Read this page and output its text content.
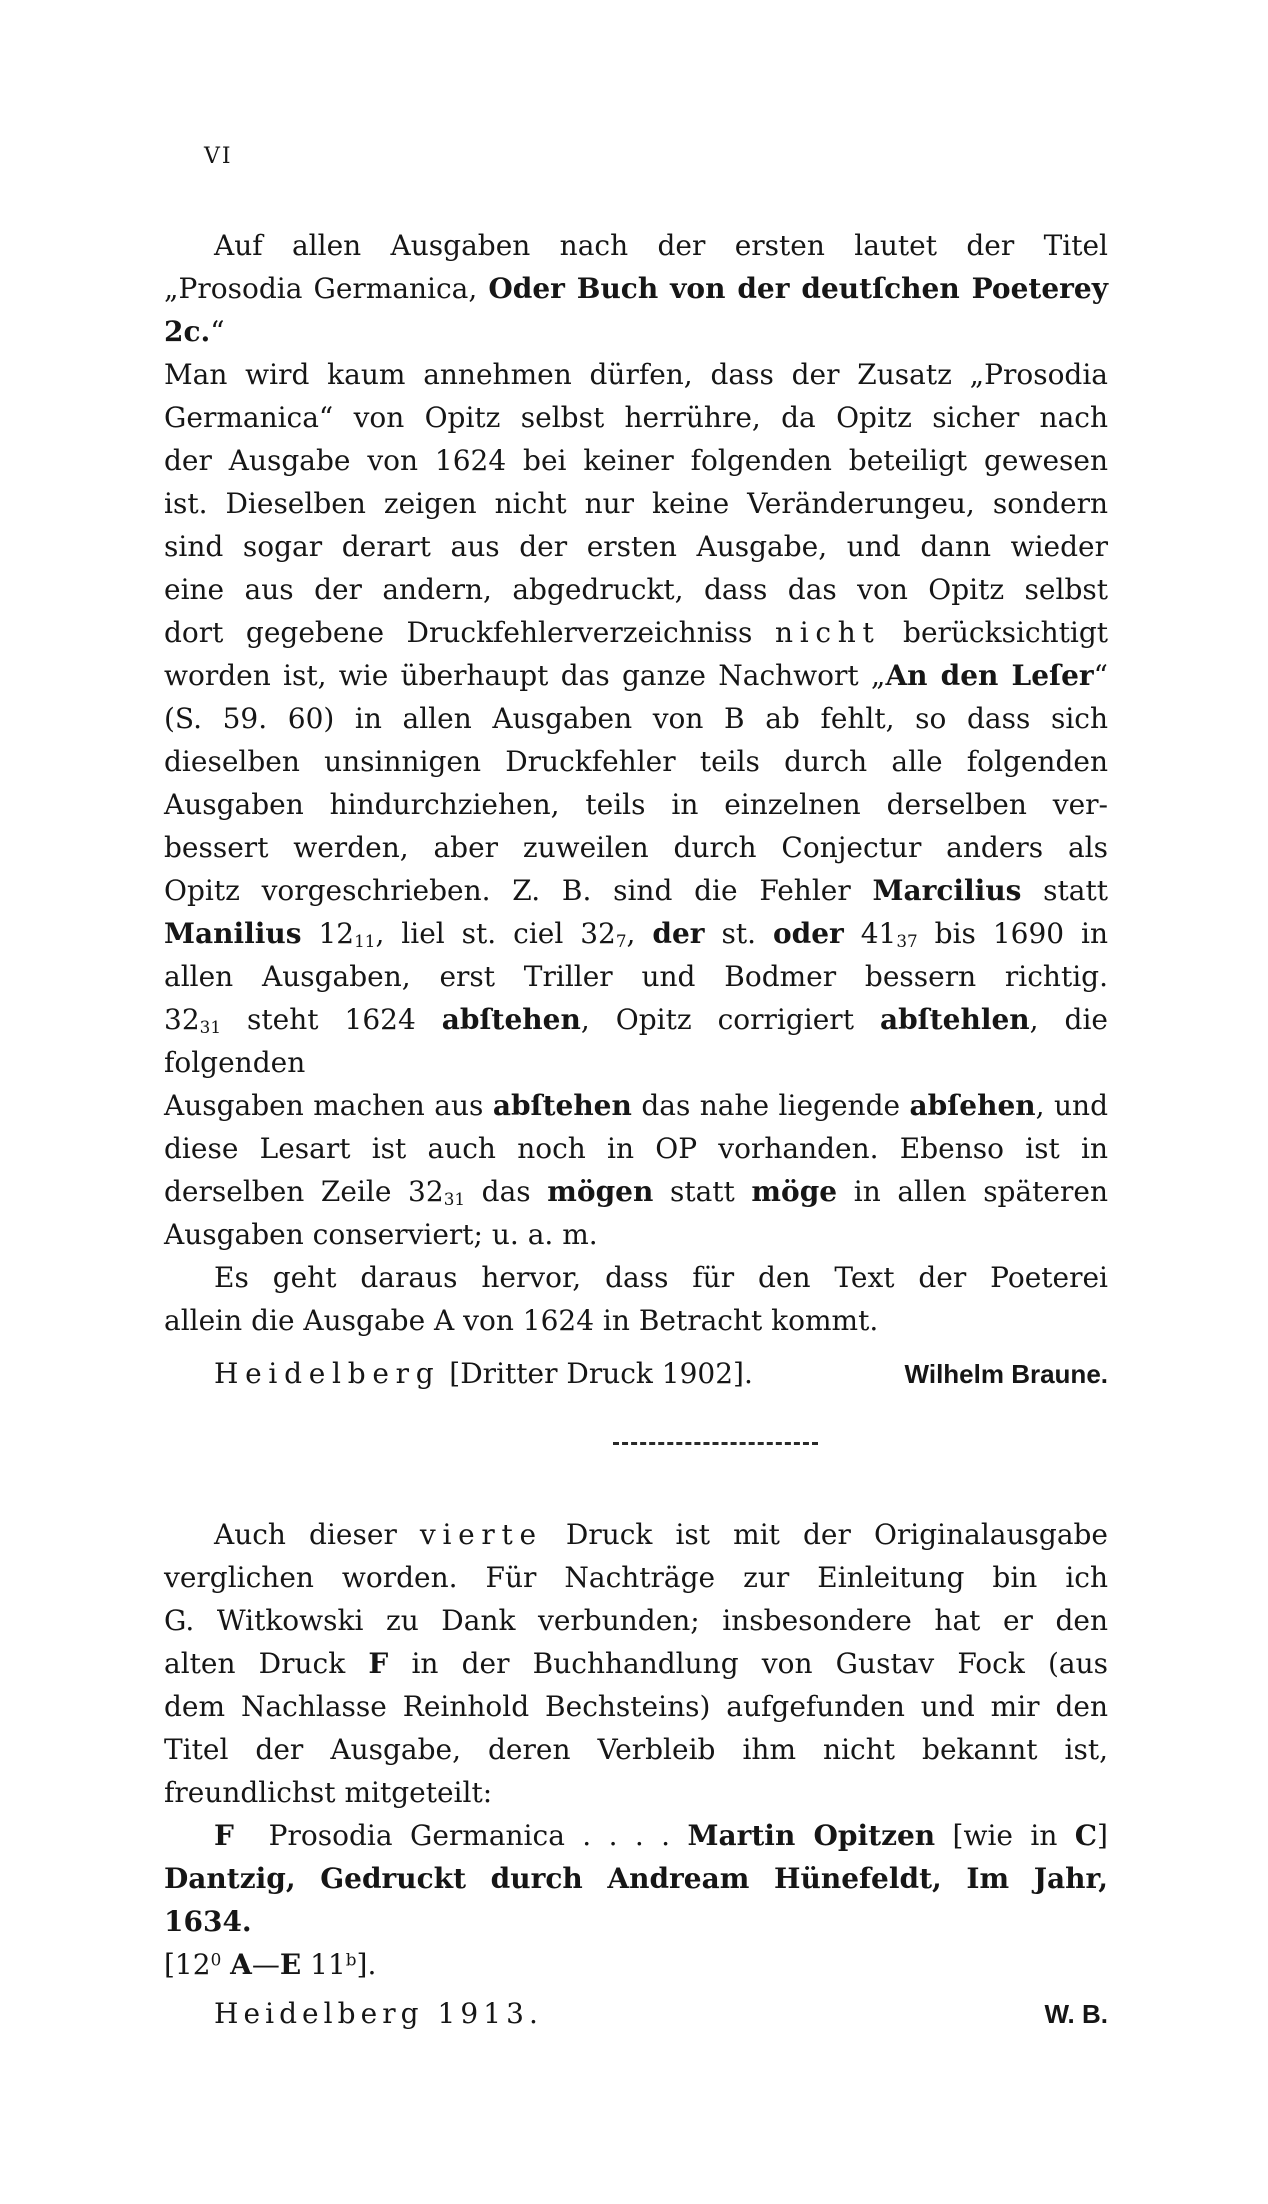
VI
Auf allen Ausgaben nach der ersten lautet der Titel
„Prosodia Germanica, Oder Buch von der deutſchen Poeterey 2c.“
Man wird kaum annehmen dürfen, dass der Zusatz „Prosodia
Germanica“ von Opitz selbst herrühre, da Opitz sicher nach
der Ausgabe von 1624 bei keiner folgenden beteiligt gewesen
ist. Dieselben zeigen nicht nur keine Veränderungeu, sondern
sind sogar derart aus der ersten Ausgabe, und dann wieder
eine aus der andern, abgedruckt, dass das von Opitz selbst
dort gegebene Druckfehlerverzeichniss nicht berücksichtigt
worden ist, wie überhaupt das ganze Nachwort „An den Leſer“
(S. 59. 60) in allen Ausgaben von B ab fehlt, so dass sich
dieselben unsinnigen Druckfehler teils durch alle folgenden
Ausgaben hindurchziehen, teils in einzelnen derselben ver-
bessert werden, aber zuweilen durch Conjectur anders als
Opitz vorgeschrieben. Z. B. sind die Fehler Marcilius statt
Manilius $12_{11}$, liel st. ciel $32_7$, der st. oder $41_{37}$ bis 1690 in
allen Ausgaben, erst Triller und Bodmer bessern richtig.
$32_{31}$ steht 1624 abſtehen, Opitz corrigiert abſtehlen, die folgenden
Ausgaben machen aus abſtehen das nahe liegende abſehen, und
diese Lesart ist auch noch in OP vorhanden. Ebenso ist in
derselben Zeile $32_{31}$ das mögen statt möge in allen späteren
Ausgaben conserviert; u. a. m.
Es geht daraus hervor, dass für den Text der Poeterei
allein die Ausgabe A von 1624 in Betracht kommt.
Heidelberg [Dritter Druck 1902].	Wilhelm Braune.
Auch dieser vierte Druck ist mit der Originalausgabe
verglichen worden. Für Nachträge zur Einleitung bin ich
G. Witkowski zu Dank verbunden; insbesondere hat er den
alten Druck F in der Buchhandlung von Gustav Fock (aus
dem Nachlasse Reinhold Bechsteins) aufgefunden und mir den
Titel der Ausgabe, deren Verbleib ihm nicht bekannt ist,
freundlichst mitgeteilt:
F  Prosodia Germanica . . . . Martin Opitzen [wie in C]
Dantzig, Gedruckt durch Andream Hünefeldt, Im Jahr, 1634.
[$12^0$ A—E 11$^b$].
Heidelberg 1913.	W. B.
